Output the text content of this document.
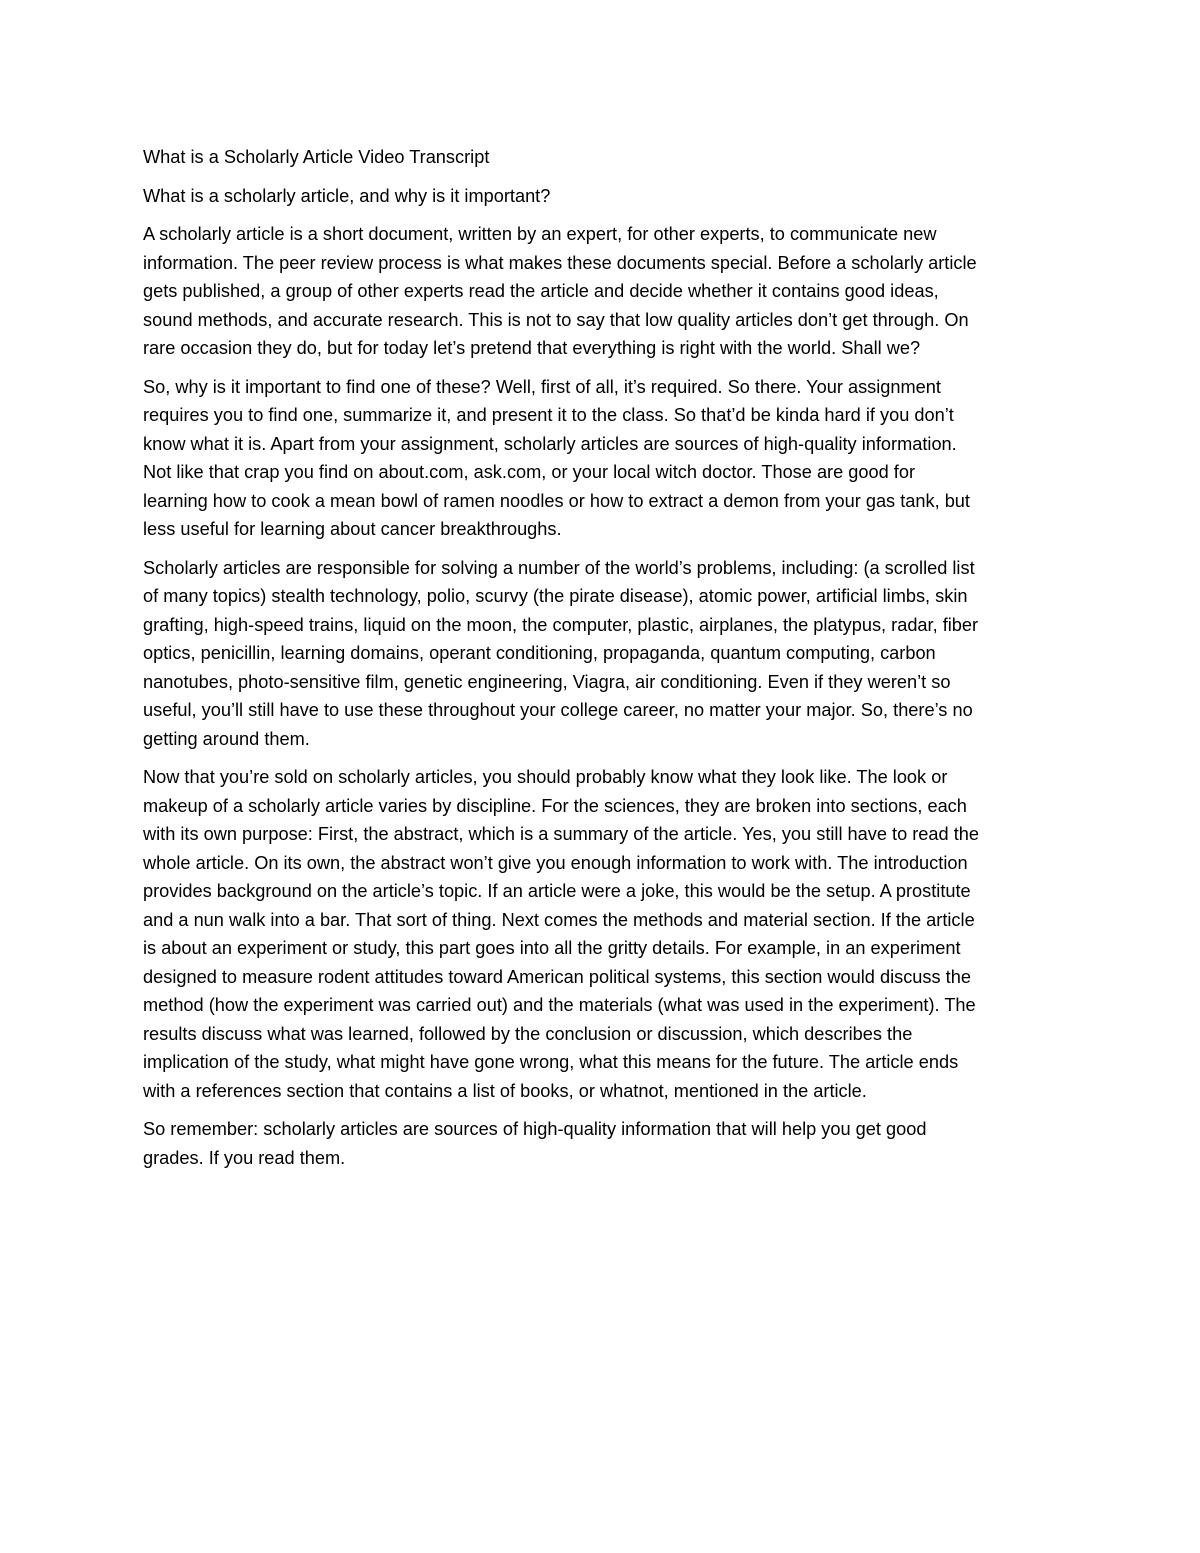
What is a Scholarly Article Video Transcript

What is a scholarly article, and why is it important?

A scholarly article is a short document, written by an expert, for other experts, to communicate new
information. The peer review process is what makes these documents special. Before a scholarly article
gets published, a group of other experts read the article and decide whether it contains good ideas,
sound methods, and accurate research. This is not to say that low quality articles don’t get through. On
rare occasion they do, but for today let’s pretend that everything is right with the world. Shall we?

So, why is it important to find one of these? Well, first of all, it’s required. So there. Your assignment
requires you to find one, summarize it, and present it to the class. So that’d be kinda hard if you don’t
know what it is. Apart from your assignment, scholarly articles are sources of high-quality information.
Not like that crap you find on about.com, ask.com, or your local witch doctor. Those are good for
learning how to cook a mean bowl of ramen noodles or how to extract a demon from your gas tank, but
less useful for learning about cancer breakthroughs.

Scholarly articles are responsible for solving a number of the world’s problems, including: (a scrolled list
of many topics) stealth technology, polio, scurvy (the pirate disease), atomic power, artificial limbs, skin
grafting, high-speed trains, liquid on the moon, the computer, plastic, airplanes, the platypus, radar, fiber
optics, penicillin, learning domains, operant conditioning, propaganda, quantum computing, carbon
nanotubes, photo-sensitive film, genetic engineering, Viagra, air conditioning. Even if they weren’t so
useful, you’ll still have to use these throughout your college career, no matter your major. So, there’s no
getting around them.

Now that you’re sold on scholarly articles, you should probably know what they look like. The look or
makeup of a scholarly article varies by discipline. For the sciences, they are broken into sections, each
with its own purpose: First, the abstract, which is a summary of the article. Yes, you still have to read the
whole article. On its own, the abstract won’t give you enough information to work with. The introduction
provides background on the article’s topic. If an article were a joke, this would be the setup. A prostitute
and a nun walk into a bar. That sort of thing. Next comes the methods and material section. If the article
is about an experiment or study, this part goes into all the gritty details. For example, in an experiment
designed to measure rodent attitudes toward American political systems, this section would discuss the
method (how the experiment was carried out) and the materials (what was used in the experiment). The
results discuss what was learned, followed by the conclusion or discussion, which describes the
implication of the study, what might have gone wrong, what this means for the future. The article ends
with a references section that contains a list of books, or whatnot, mentioned in the article.

So remember: scholarly articles are sources of high-quality information that will help you get good
grades. If you read them.
